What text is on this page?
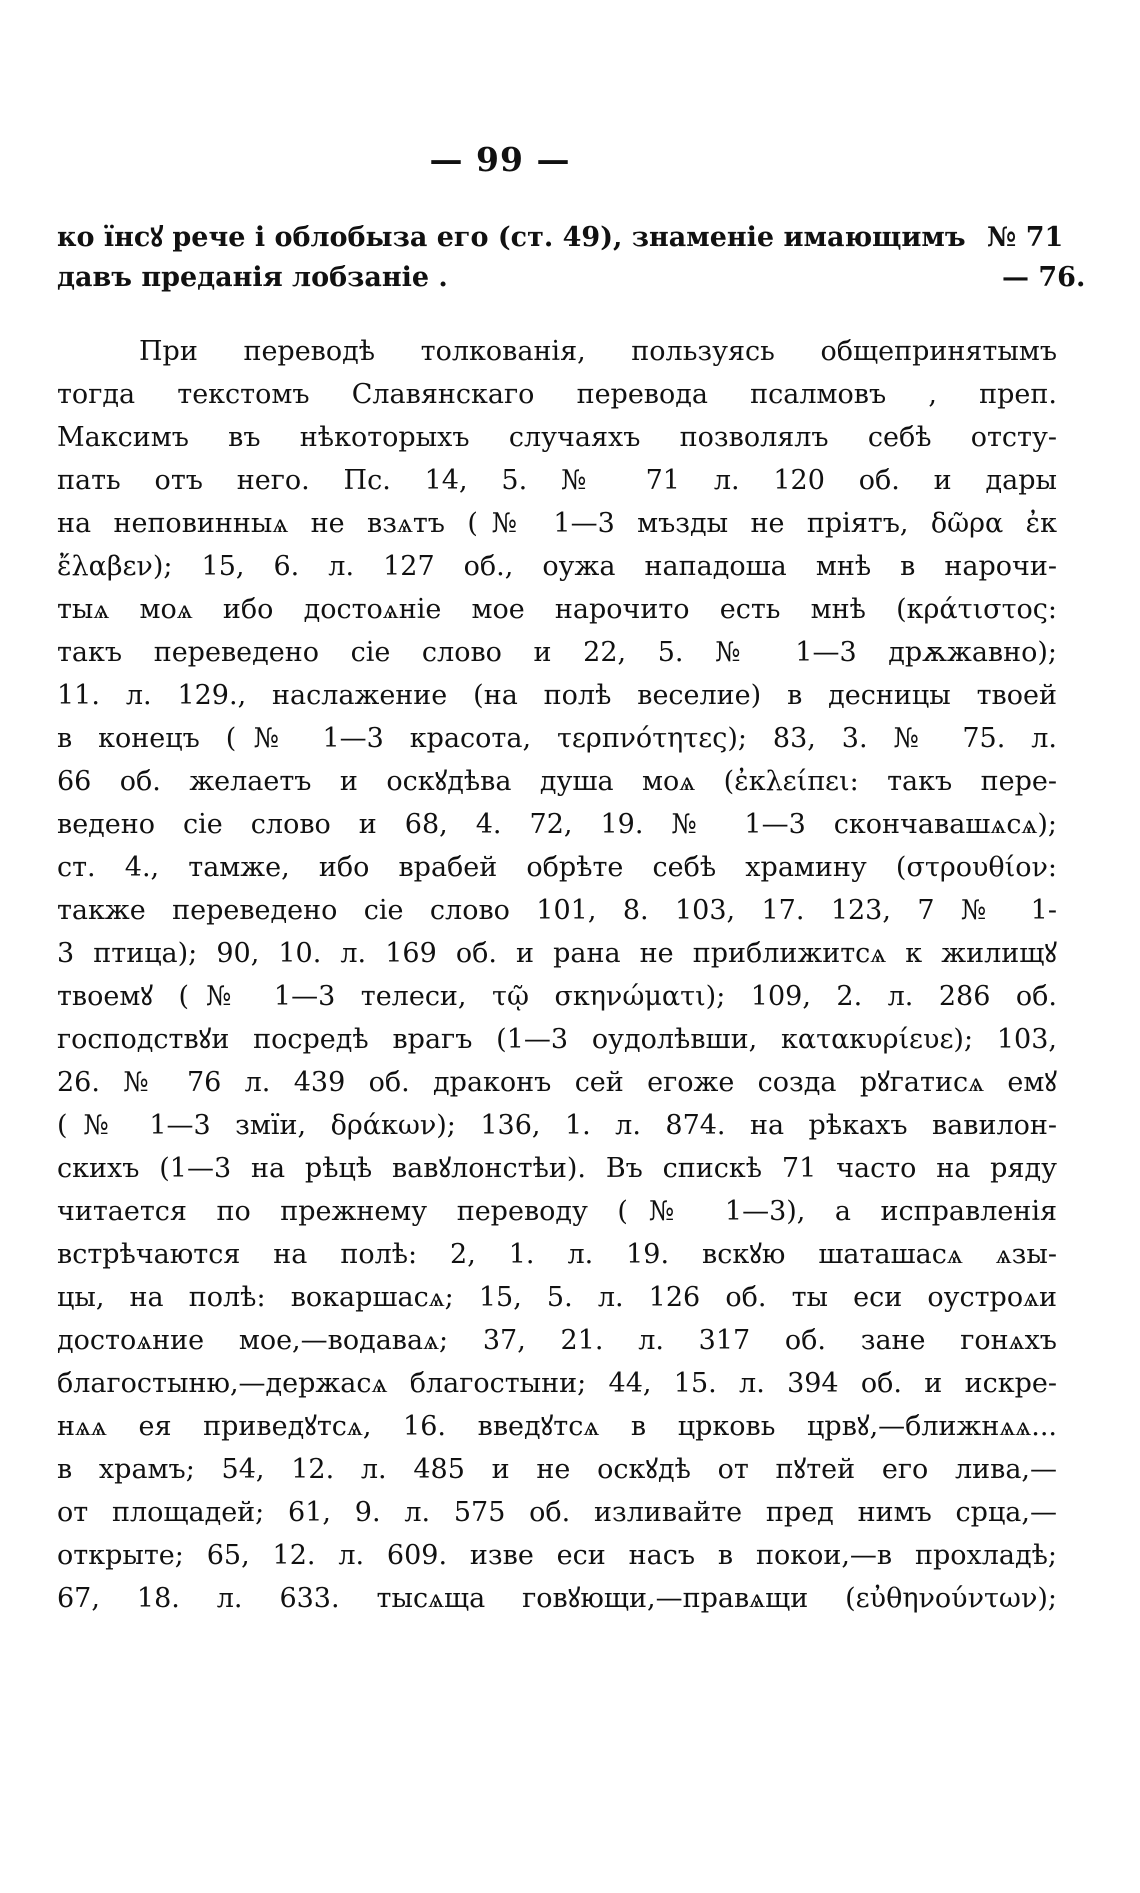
— 99 —
ко їнсꙋ рече і облобыза его (ст. 49), знаменіе имающимъ № 71
давъ преданія лобзаніе .	— 76.
При переводѣ толкованія, пользуясь общепринятымъ
тогда текстомъ Славянскаго перевода псалмовъ , преп.
Максимъ въ нѣкоторыхъ случаяхъ позволялъ себѣ отсту-
пать отъ него. Пс. 14, 5. № 71 л. 120 об. и дары
на неповинныѧ не взѧтъ (№ 1—3 мъзды не пріятъ, δῶρα ἐκ
ἔλαβεν); 15, 6. л. 127 об., оужа нападоша мнѣ в нарочи-
тыѧ моѧ ибо достоѧніе мое нарочито есть мнѣ (κράτιστος:
такъ переведено сіе слово и 22, 5. № 1—3 дрѫжавно);
11. л. 129., наслажение (на полѣ веселие) в десницы твоей
в конецъ (№ 1—3 красота, τερπνότητες); 83, 3. № 75. л.
66 об. желаетъ и оскꙋдѣва душа моѧ (ἐκλείπει: такъ пере-
ведено сіе слово и 68, 4. 72, 19. № 1—3 скончавашѧсѧ);
ст. 4., тамже, ибо врабей обрѣте себѣ храмину (στρουθίον:
также переведено сіе слово 101, 8. 103, 17. 123, 7 № 1-
3 птица); 90, 10. л. 169 об. и рана не приближитсѧ к жилищꙋ
твоемꙋ (№ 1—3 телеси, τῷ σκηνώματι); 109, 2. л. 286 об.
господствꙋи посредѣ врагъ (1—3 оудолѣвши, κατακυρίευε); 103,
26. № 76 л. 439 об. драконъ сей егоже созда рꙋгатисѧ емꙋ
(№ 1—3 змїи, δράκων); 136, 1. л. 874. на рѣкахъ вавилон-
скихъ (1—3 на рѣцѣ вавꙋлонстѣи). Въ спискѣ 71 часто на ряду
читается по прежнему переводу (№ 1—3), а исправленія
встрѣчаются на полѣ: 2, 1. л. 19. вскꙋю шаташасѧ ѧзы-
цы, на полѣ: вокаршасѧ; 15, 5. л. 126 об. ты еси оустроѧи
достоѧние мое,—водаваѧ; 37, 21. л. 317 об. зане гонѧхъ
благостыню,—держасѧ благостыни; 44, 15. л. 394 об. и искре-
нѧѧ ея приведꙋтсѧ, 16. введꙋтсѧ в црковь црвꙋ,—ближнѧѧ...
в храмъ; 54, 12. л. 485 и не оскꙋдѣ от пꙋтей его лива,—
от площадей; 61, 9. л. 575 об. изливайте пред нимъ срца,—
открыте; 65, 12. л. 609. изве еси насъ в покои,—в прохладѣ;
67, 18. л. 633. тысѧща говꙋющи,—правѧщи (εὐθηνούντων);
